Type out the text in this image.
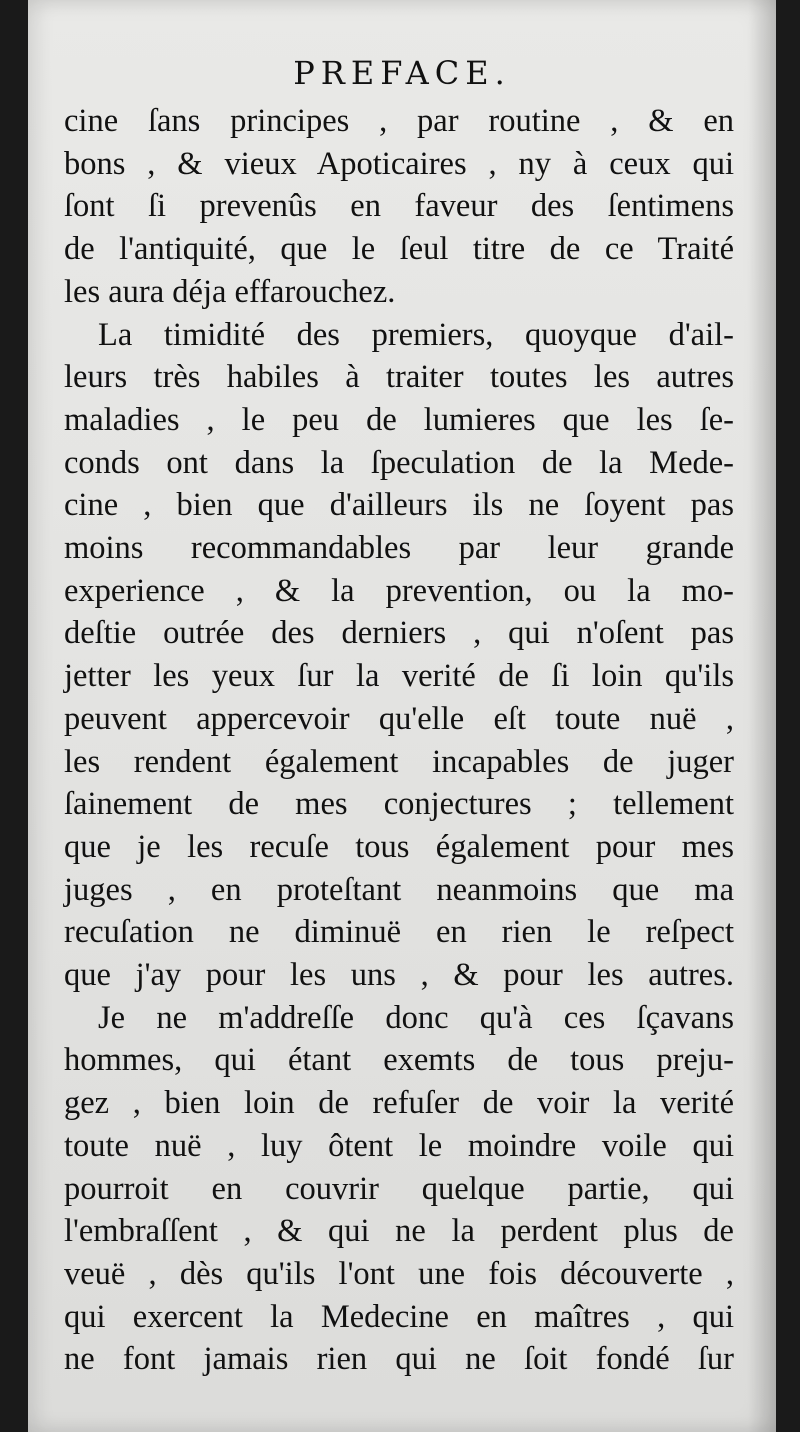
PREFACE.

cine ſans principes , par routine , & en
bons , & vieux Apoticaires , ny à ceux qui
ſont ſi prevenûs en faveur des ſentimens
de l'antiquité, que le ſeul titre de ce Traité
les aura déja effarouchez.

La timidité des premiers, quoyque d'ail-
leurs très habiles à traiter toutes les autres
maladies , le peu de lumieres que les ſe-
conds ont dans la ſpeculation de la Mede-
cine , bien que d'ailleurs ils ne ſoyent pas
moins recommandables par leur grande
experience , & la prevention, ou la mo-
deſtie outrée des derniers , qui n'oſent pas
jetter les yeux ſur la verité de ſi loin qu'ils
peuvent appercevoir qu'elle eſt toute nuë ,
les rendent également incapables de juger
ſainement de mes conjectures ; tellement
que je les recuſe tous également pour mes
juges , en proteſtant neanmoins que ma
recuſation ne diminuë en rien le reſpect
que j'ay pour les uns , & pour les autres.

Je ne m'addreſſe donc qu'à ces ſçavans
hommes, qui étant exemts de tous preju-
gez , bien loin de refuſer de voir la verité
toute nuë , luy ôtent le moindre voile qui
pourroit en couvrir quelque partie, qui
l'embraſſent , & qui ne la perdent plus de
veuë , dès qu'ils l'ont une fois découverte ,
qui exercent la Medecine en maîtres , qui
ne font jamais rien qui ne ſoit fondé ſur
